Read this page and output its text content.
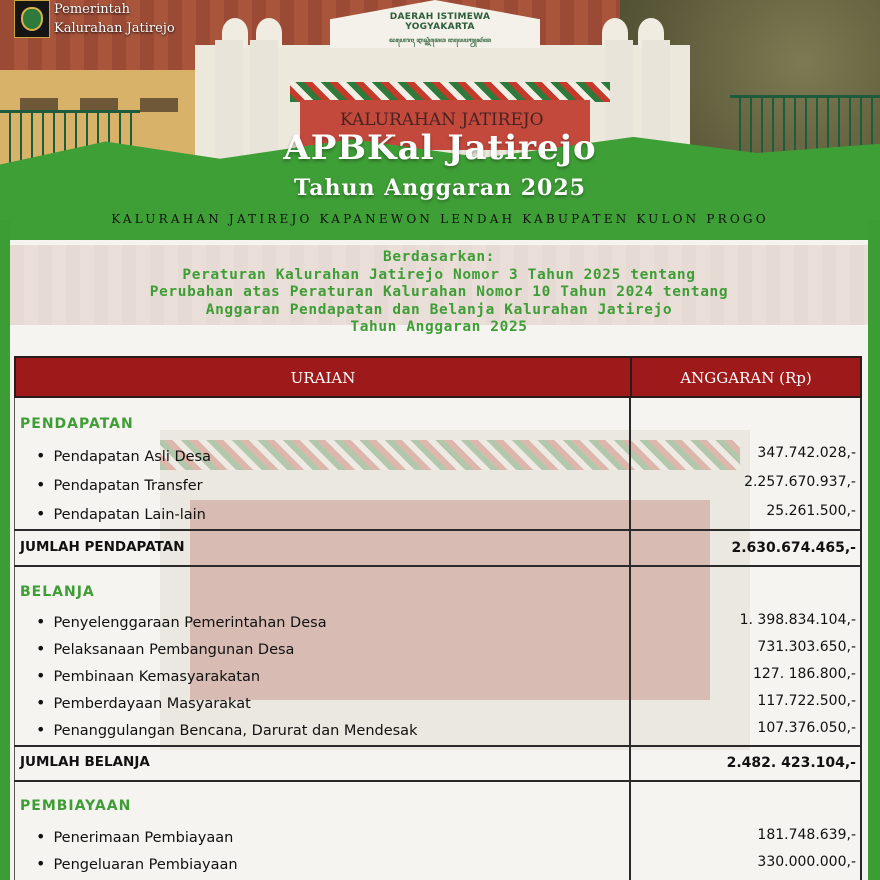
DAERAH ISTIMEWA YOGYAKARTA
ꦢꦲꦺꦫꦃ ꦆꦱ꧀ꦠꦶꦩꦺꦮ ꦔꦪꦺꦴꦒꦾꦏꦂꦠ
KALURAHAN JATIREJO
Pemerintah
Kalurahan Jatirejo
APBKal Jatirejo
Tahun Anggaran 2025
KALURAHAN JATIREJO KAPANEWON LENDAH KABUPATEN KULON PROGO
Berdasarkan:
Peraturan Kalurahan Jatirejo Nomor 3 Tahun 2025 tentang
Perubahan atas Peraturan Kalurahan Nomor 10 Tahun 2024 tentang
Anggaran Pendapatan dan Belanja Kalurahan Jatirejo
Tahun Anggaran 2025
URAIAN	ANGGARAN (Rp)
PENDAPATAN
• Pendapatan Asli Desa	347.742.028,-
• Pendapatan Transfer	2.257.670.937,-
• Pendapatan Lain-lain	25.261.500,-
JUMLAH PENDAPATAN	2.630.674.465,-
BELANJA
• Penyelenggaraan Pemerintahan Desa	1. 398.834.104,-
• Pelaksanaan Pembangunan Desa	731.303.650,-
• Pembinaan Kemasyarakatan	127. 186.800,-
• Pemberdayaan Masyarakat	117.722.500,-
• Penanggulangan Bencana, Darurat dan Mendesak	107.376.050,-
JUMLAH BELANJA	2.482. 423.104,-
PEMBIAYAAN
• Penerimaan Pembiayaan	181.748.639,-
• Pengeluaran Pembiayaan	330.000.000,-
